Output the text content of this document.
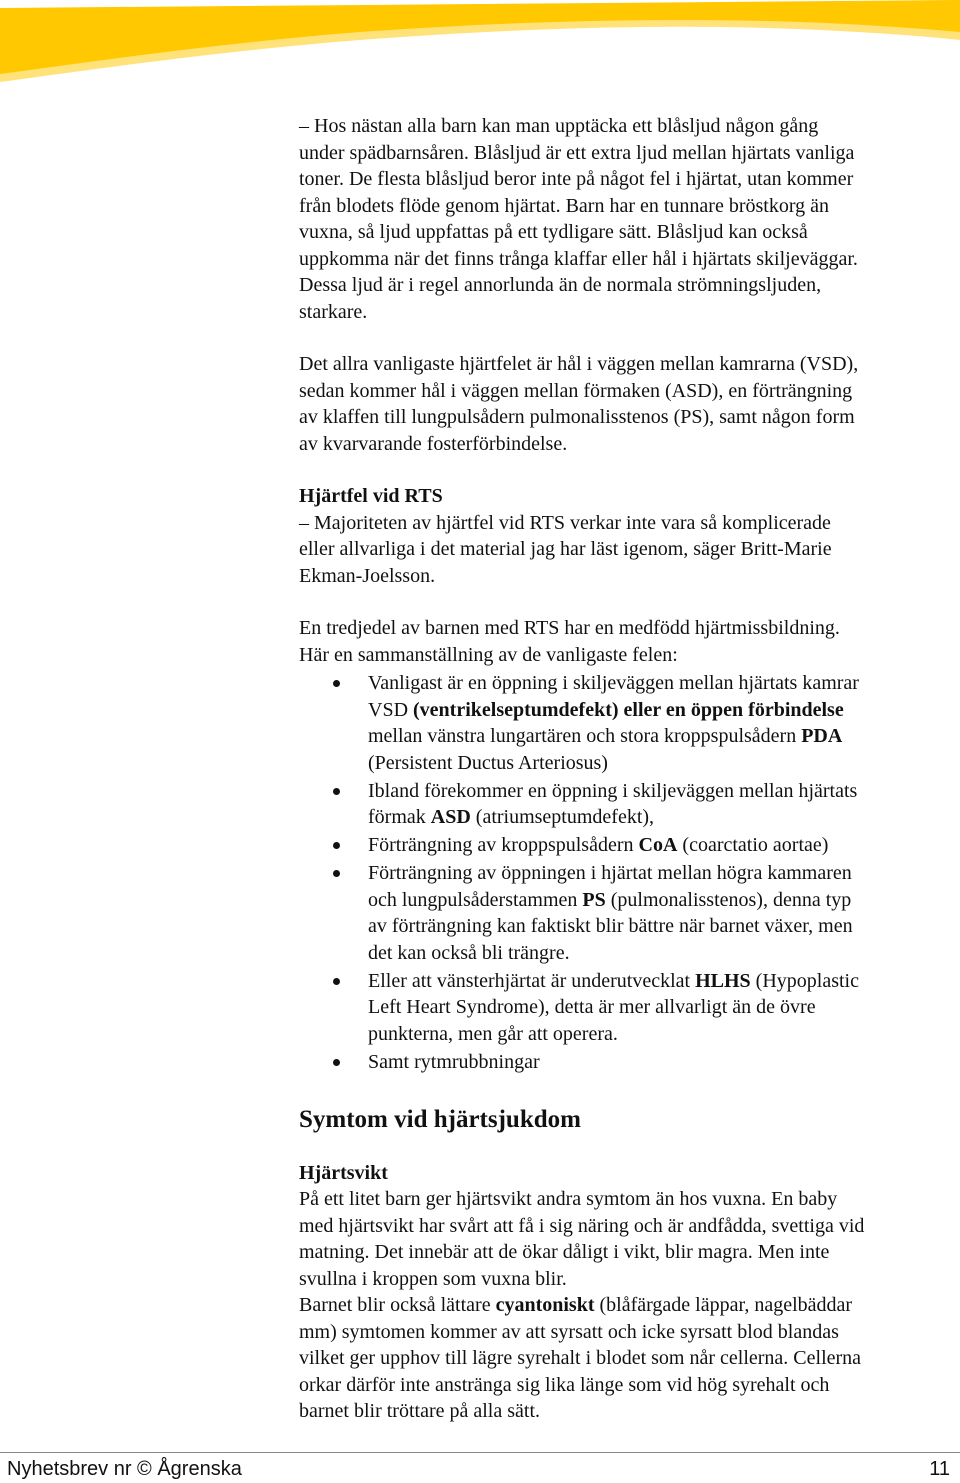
– Hos nästan alla barn kan man upptäcka ett blåsljud någon gång
under spädbarnsåren. Blåsljud är ett extra ljud mellan hjärtats vanliga
toner. De flesta blåsljud beror inte på något fel i hjärtat, utan kommer
från blodets flöde genom hjärtat. Barn har en tunnare bröstkorg än
vuxna, så ljud uppfattas på ett tydligare sätt. Blåsljud kan också
uppkomma när det finns trånga klaffar eller hål i hjärtats skiljeväggar.
Dessa ljud är i regel annorlunda än de normala strömningsljuden,
starkare.
Det allra vanligaste hjärtfelet är hål i väggen mellan kamrarna (VSD),
sedan kommer hål i väggen mellan förmaken (ASD), en förträngning
av klaffen till lungpulsådern pulmonalisstenos (PS), samt någon form
av kvarvarande fosterförbindelse.

Hjärtfel vid RTS

– Majoriteten av hjärtfel vid RTS verkar inte vara så komplicerade
eller allvarliga i det material jag har läst igenom, säger Britt-Marie
Ekman-Joelsson.
En tredjedel av barnen med RTS har en medfödd hjärtmissbildning.
Här en sammanställning av de vanligaste felen:
Vanligast är en öppning i skiljeväggen mellan hjärtats kamrar
VSD (ventrikelseptumdefekt) eller en öppen förbindelse
mellan vänstra lungartären och stora kroppspulsådern PDA
(Persistent Ductus Arteriosus)
Ibland förekommer en öppning i skiljeväggen mellan hjärtats
förmak ASD (atriumseptumdefekt),
Förträngning av kroppspulsådern CoA (coarctatio aortae)
Förträngning av öppningen i hjärtat mellan högra kammaren
och lungpulsåderstammen PS (pulmonalisstenos), denna typ
av förträngning kan faktiskt blir bättre när barnet växer, men
det kan också bli trängre.
Eller att vänsterhjärtat är underutvecklat HLHS (Hypoplastic
Left Heart Syndrome), detta är mer allvarligt än de övre
punkterna, men går att operera.
Samt rytmrubbningar

Symtom vid hjärtsjukdom

Hjärtsvikt

På ett litet barn ger hjärtsvikt andra symtom än hos vuxna. En baby
med hjärtsvikt har svårt att få i sig näring och är andfådda, svettiga vid
matning. Det innebär att de ökar dåligt i vikt, blir magra. Men inte
svullna i kroppen som vuxna blir.
Barnet blir också lättare cyantoniskt (blåfärgade läppar, nagelbäddar
mm) symtomen kommer av att syrsatt och icke syrsatt blod blandas
vilket ger upphov till lägre syrehalt i blodet som når cellerna. Cellerna
orkar därför inte anstränga sig lika länge som vid hög syrehalt och
barnet blir tröttare på alla sätt.
Nyhetsbrev nr © Ågrenska	11
